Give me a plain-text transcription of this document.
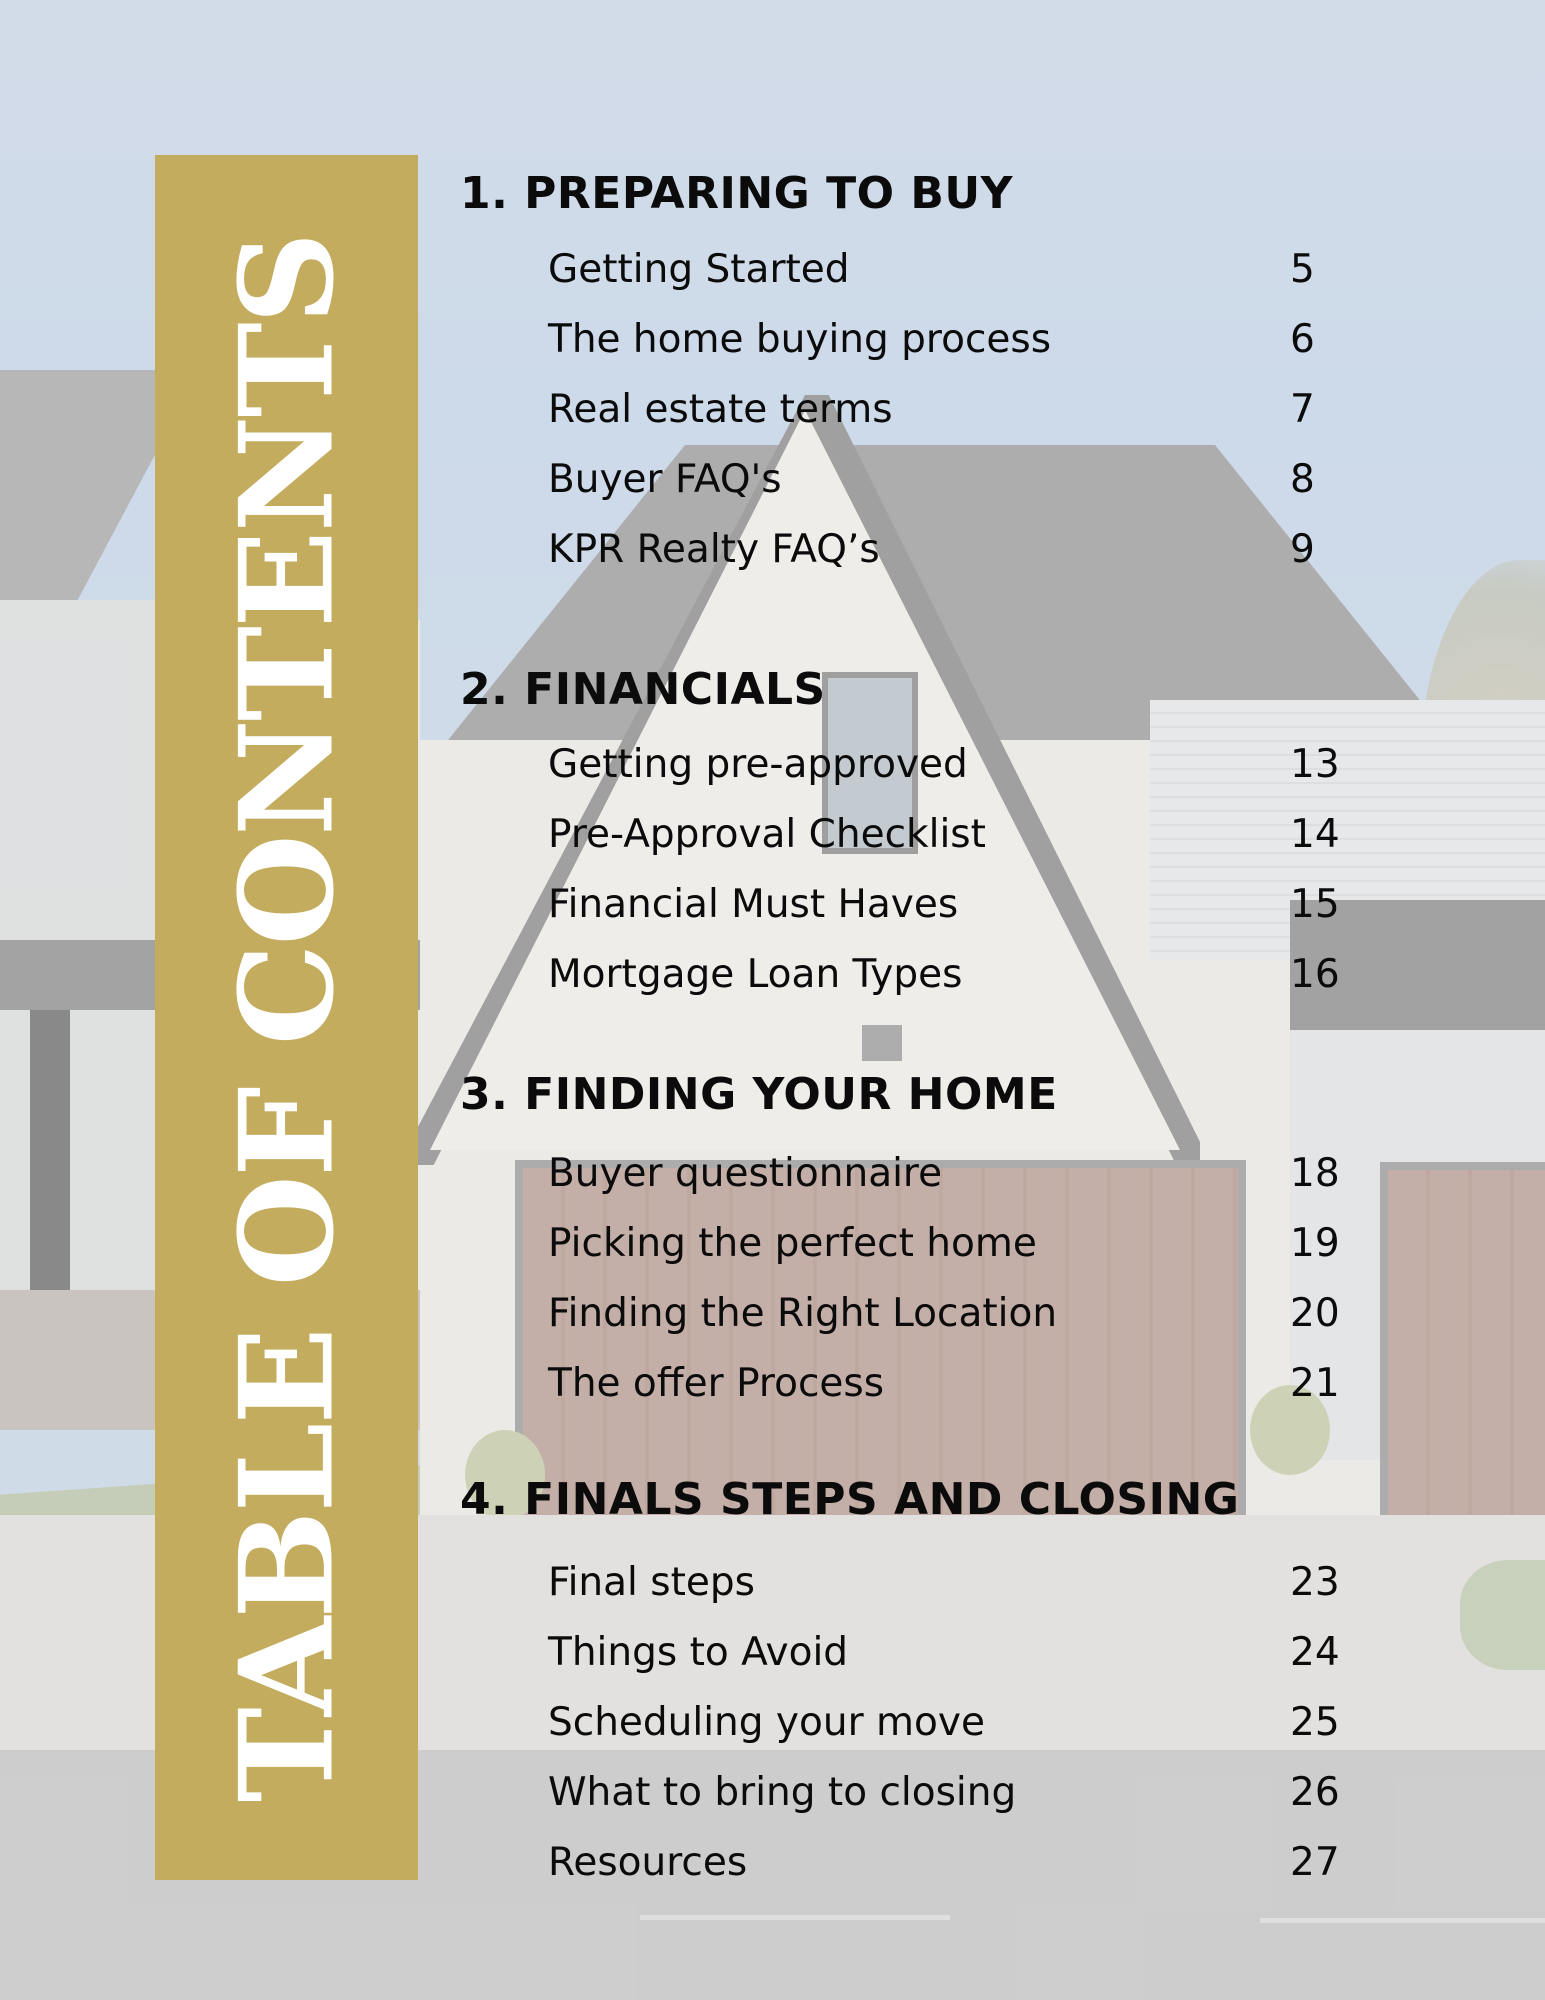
TABLE OF CONTENTS
1. PREPARING TO BUY
Getting Started	5
The home buying process	6
Real estate terms	7
Buyer FAQ's	8
KPR Realty FAQ’s	9
2. FINANCIALS
Getting pre-approved	13
Pre-Approval Checklist	14
Financial Must Haves	15
Mortgage Loan Types	16
3. FINDING YOUR HOME
Buyer questionnaire	18
Picking the perfect home	19
Finding the Right Location	20
The offer Process	21
4. FINALS STEPS AND CLOSING
Final steps	23
Things to Avoid	24
Scheduling your move	25
What to bring to closing	26
Resources	27
